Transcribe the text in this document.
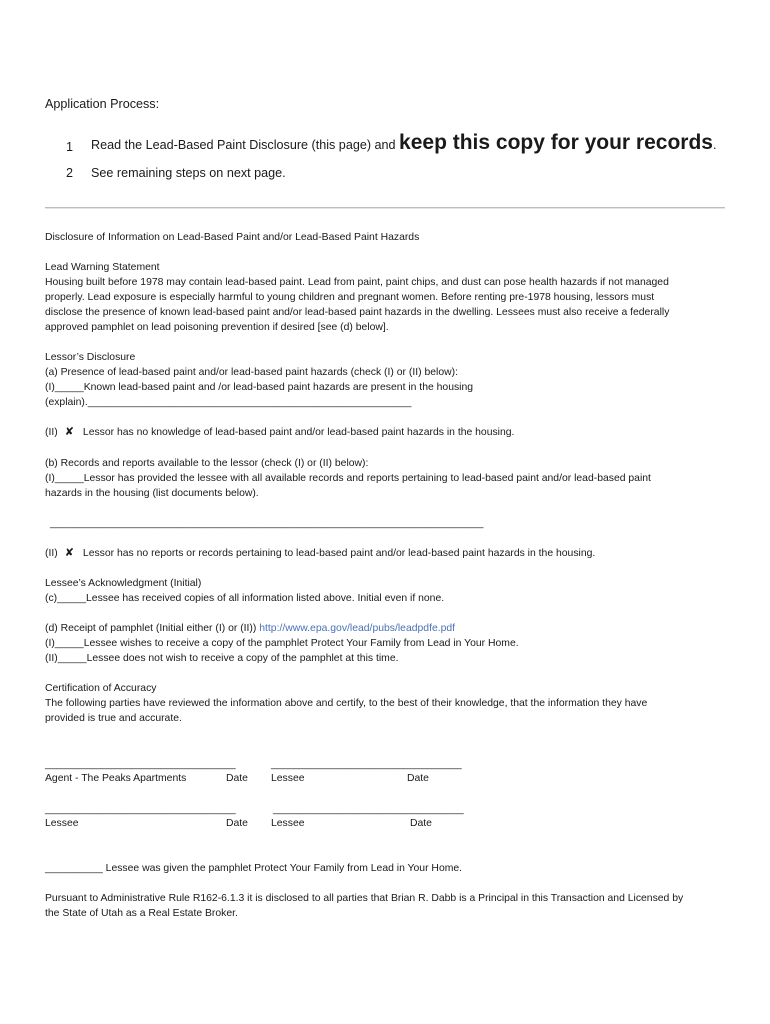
Application Process:
1 Read the Lead-Based Paint Disclosure (this page) and keep this copy for your records.
2 See remaining steps on next page.
Disclosure of Information on Lead-Based Paint and/or Lead-Based Paint Hazards
Lead Warning Statement
Housing built before 1978 may contain lead-based paint. Lead from paint, paint chips, and dust can pose health hazards if not managed
properly. Lead exposure is especially harmful to young children and pregnant women. Before renting pre-1978 housing, lessors must
disclose the presence of known lead-based paint and/or lead-based paint hazards in the dwelling. Lessees must also receive a federally
approved pamphlet on lead poisoning prevention if desired [see (d) below].
Lessor’s Disclosure
(a) Presence of lead-based paint and/or lead-based paint hazards (check (I) or (II) below):
(I)_____Known lead-based paint and /or lead-based paint hazards are present in the housing
(explain).________________________________________________________
(II) ✘ Lessor has no knowledge of lead-based paint and/or lead-based paint hazards in the housing.
(b) Records and reports available to the lessor (check (I) or (II) below):
(I)_____Lessor has provided the lessee with all available records and reports pertaining to lead-based paint and/or lead-based paint
hazards in the housing (list documents below).
___________________________________________________________________________
(II) ✘ Lessor has no reports or records pertaining to lead-based paint and/or lead-based paint hazards in the housing.
Lessee’s Acknowledgment (Initial)
(c)_____Lessee has received copies of all information listed above. Initial even if none.
(d) Receipt of pamphlet (Initial either (I) or (II)) http://www.epa.gov/lead/pubs/leadpdfe.pdf
(I)_____Lessee wishes to receive a copy of the pamphlet Protect Your Family from Lead in Your Home.
(II)_____Lessee does not wish to receive a copy of the pamphlet at this time.
Certification of Accuracy
The following parties have reviewed the information above and certify, to the best of their knowledge, that the information they have
provided is true and accurate.
_________________________________	_________________________________
Agent - The Peaks Apartments	Date Lessee	Date
_________________________________	_________________________________
Lessee	Date Lessee	Date
__________ Lessee was given the pamphlet Protect Your Family from Lead in Your Home.
Pursuant to Administrative Rule R162-6.1.3 it is disclosed to all parties that Brian R. Dabb is a Principal in this Transaction and Licensed by
the State of Utah as a Real Estate Broker.
